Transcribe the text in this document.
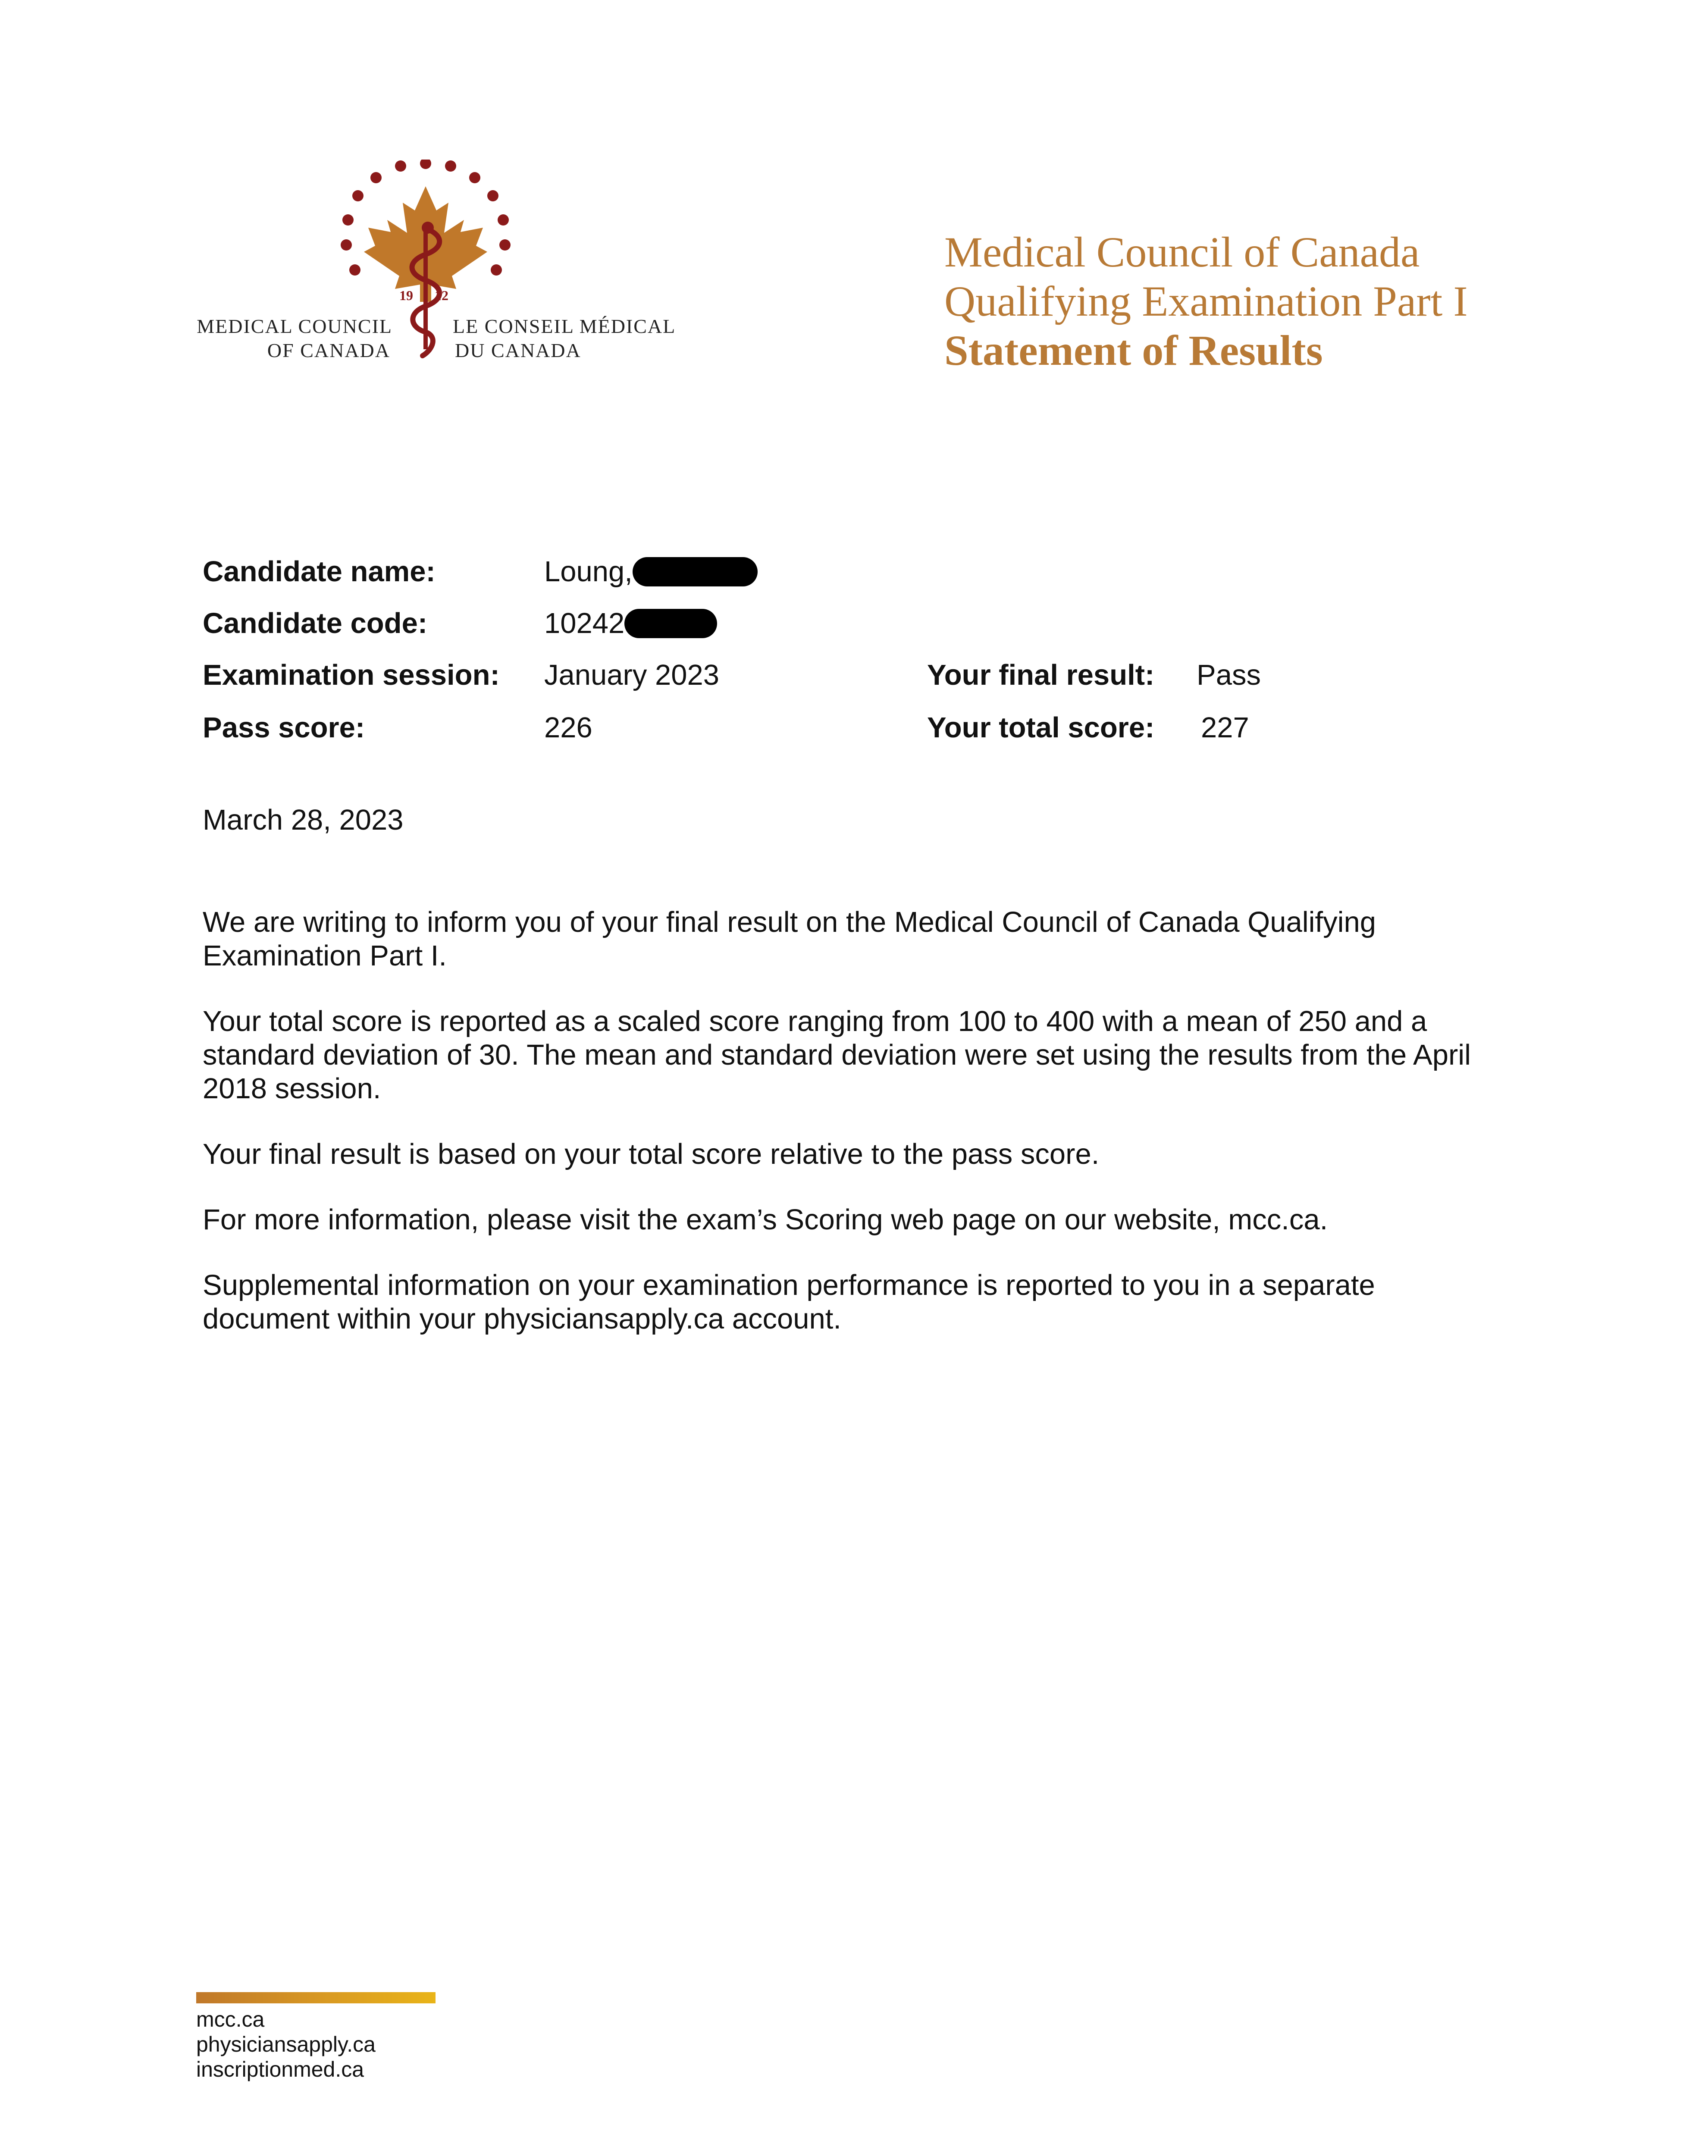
19 12
MEDICAL COUNCIL
OF CANADA
LE CONSEIL MÉDICAL
DU CANADA
Medical Council of Canada
Qualifying Examination Part I
Statement of Results
Candidate name:	Loung,
Candidate code:	10242
Examination session: January 2023	Your final result: Pass
Pass score:	226	Your total score: 227
March 28, 2023

We are writing to inform you of your final result on the Medical Council of Canada Qualifying Examination Part I.

Your total score is reported as a scaled score ranging from 100 to 400 with a mean of 250 and a standard deviation of 30. The mean and standard deviation were set using the results from the April 2018 session.

Your final result is based on your total score relative to the pass score.

For more information, please visit the exam’s Scoring web page on our website, mcc.ca.

Supplemental information on your examination performance is reported to you in a separate document within your physiciansapply.ca account.

mcc.ca
physiciansapply.ca
inscriptionmed.ca
